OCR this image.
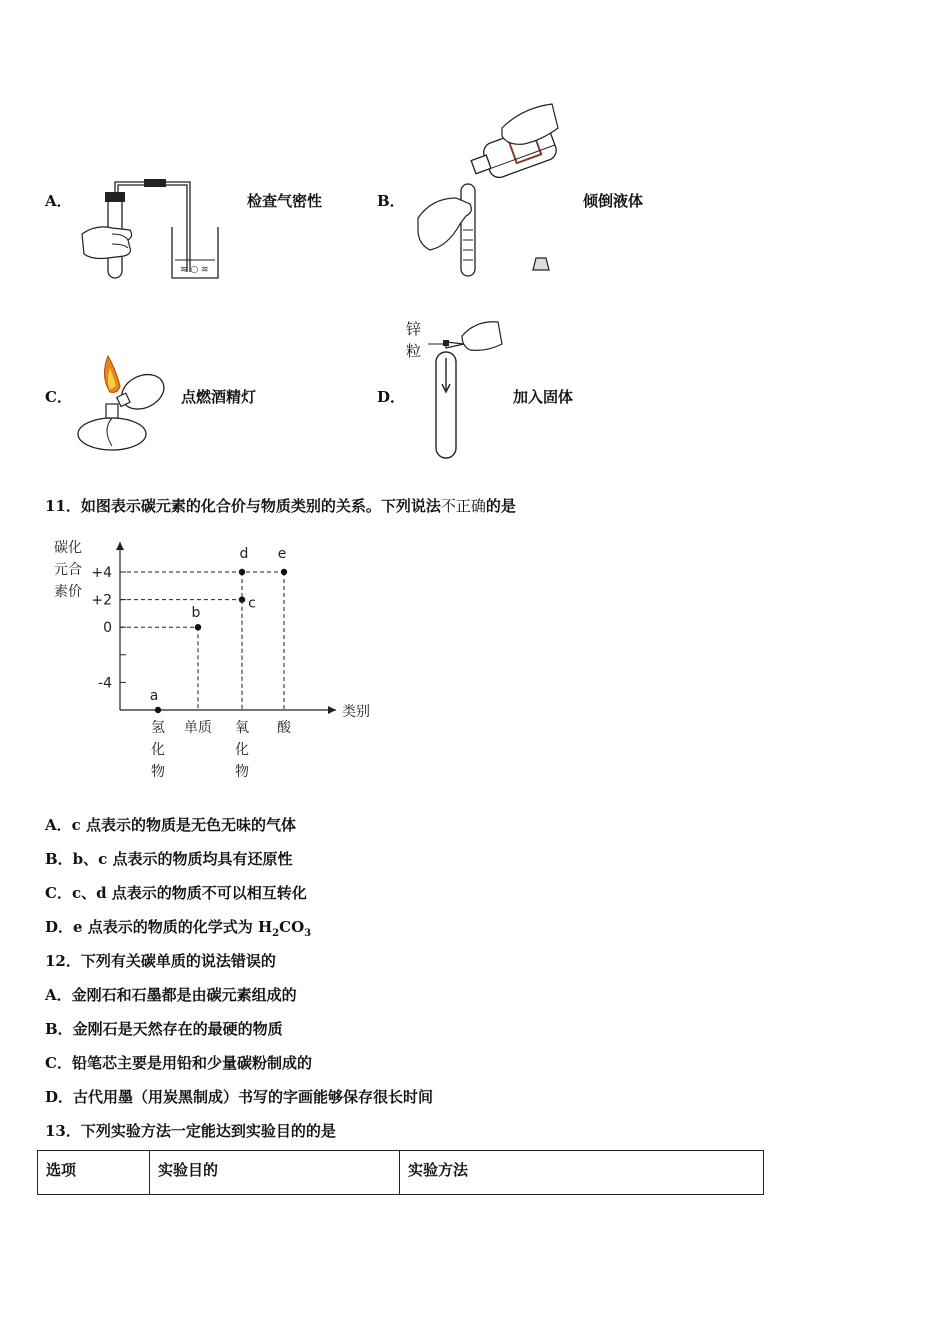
A．
≋ ○ ≋
检查气密性	B．	倾倒液体
C．	点燃酒精灯	D．
锌
粒
加入固体
11．如图表示碳元素的化合价与物质类别的关系。下列说法不正确的是
碳化
元合
素价
类别
+4
+2
0
-4
氢
化
物
单质 氧
化
物
酸
a
b
c
d e
A．c 点表示的物质是无色无味的气体
B．b、c 点表示的物质均具有还原性
C．c、d 点表示的物质不可以相互转化
D．e 点表示的物质的化学式为 $H_2CO_3$
12．下列有关碳单质的说法错误的
A．金刚石和石墨都是由碳元素组成的
B．金刚石是天然存在的最硬的物质
C．铅笔芯主要是用铅和少量碳粉制成的
D．古代用墨（用炭黑制成）书写的字画能够保存很长时间
13．下列实验方法一定能达到实验目的的是
选项	实验目的	实验方法
